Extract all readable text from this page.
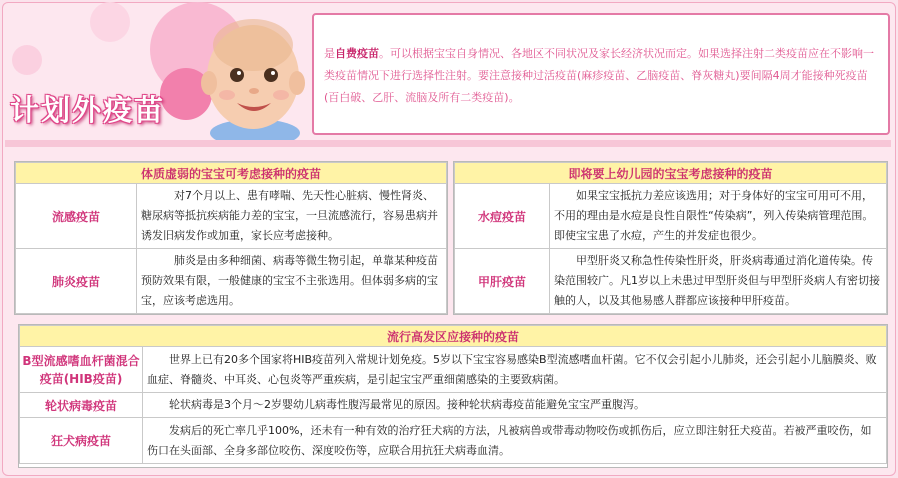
计划外疫苗
是自费疫苗。可以根据宝宝自身情况、各地区不同状况及家长经济状况而定。如果选择注射二类疫苗应在不影响一类疫苗情况下进行选择性注射。要注意接种过活疫苗(麻疹疫苗、乙脑疫苗、脊灰糖丸)要间隔4周才能接种死疫苗(百白破、乙肝、流脑及所有二类疫苗)。
体质虚弱的宝宝可考虑接种的疫苗	
流感疫苗	对7个月以上、患有哮喘、先天性心脏病、慢性肾炎、糖尿病等抵抗疾病能力差的宝宝，一旦流感流行，容易患病并诱发旧病发作或加重，家长应考虑接种。
肺炎疫苗	肺炎是由多种细菌、病毒等微生物引起，单靠某种疫苗预防效果有限，一般健康的宝宝不主张选用。但体弱多病的宝宝，应该考虑选用。
即将要上幼儿园的宝宝考虑接种的疫苗	
水痘疫苗	如果宝宝抵抗力差应该选用；对于身体好的宝宝可用可不用，不用的理由是水痘是良性自限性“传染病”，列入传染病管理范围。即使宝宝患了水痘，产生的并发症也很少。
甲肝疫苗	甲型肝炎又称急性传染性肝炎，肝炎病毒通过消化道传染。传染范围较广。凡1岁以上未患过甲型肝炎但与甲型肝炎病人有密切接触的人，以及其他易感人群都应该接种甲肝疫苗。
流行高发区应接种的疫苗	
B型流感嗜血杆菌混合疫苗(HIB疫苗)	世界上已有20多个国家将HIB疫苗列入常规计划免疫。5岁以下宝宝容易感染B型流感嗜血杆菌。它不仅会引起小儿肺炎，还会引起小儿脑膜炎、败血症、脊髓炎、中耳炎、心包炎等严重疾病，是引起宝宝严重细菌感染的主要致病菌。
轮状病毒疫苗	轮状病毒是3个月～2岁婴幼儿病毒性腹泻最常见的原因。接种轮状病毒疫苗能避免宝宝严重腹泻。
狂犬病疫苗	发病后的死亡率几乎100%，还未有一种有效的治疗狂犬病的方法，凡被病兽或带毒动物咬伤或抓伤后，应立即注射狂犬疫苗。若被严重咬伤，如伤口在头面部、全身多部位咬伤、深度咬伤等，应联合用抗狂犬病毒血清。
